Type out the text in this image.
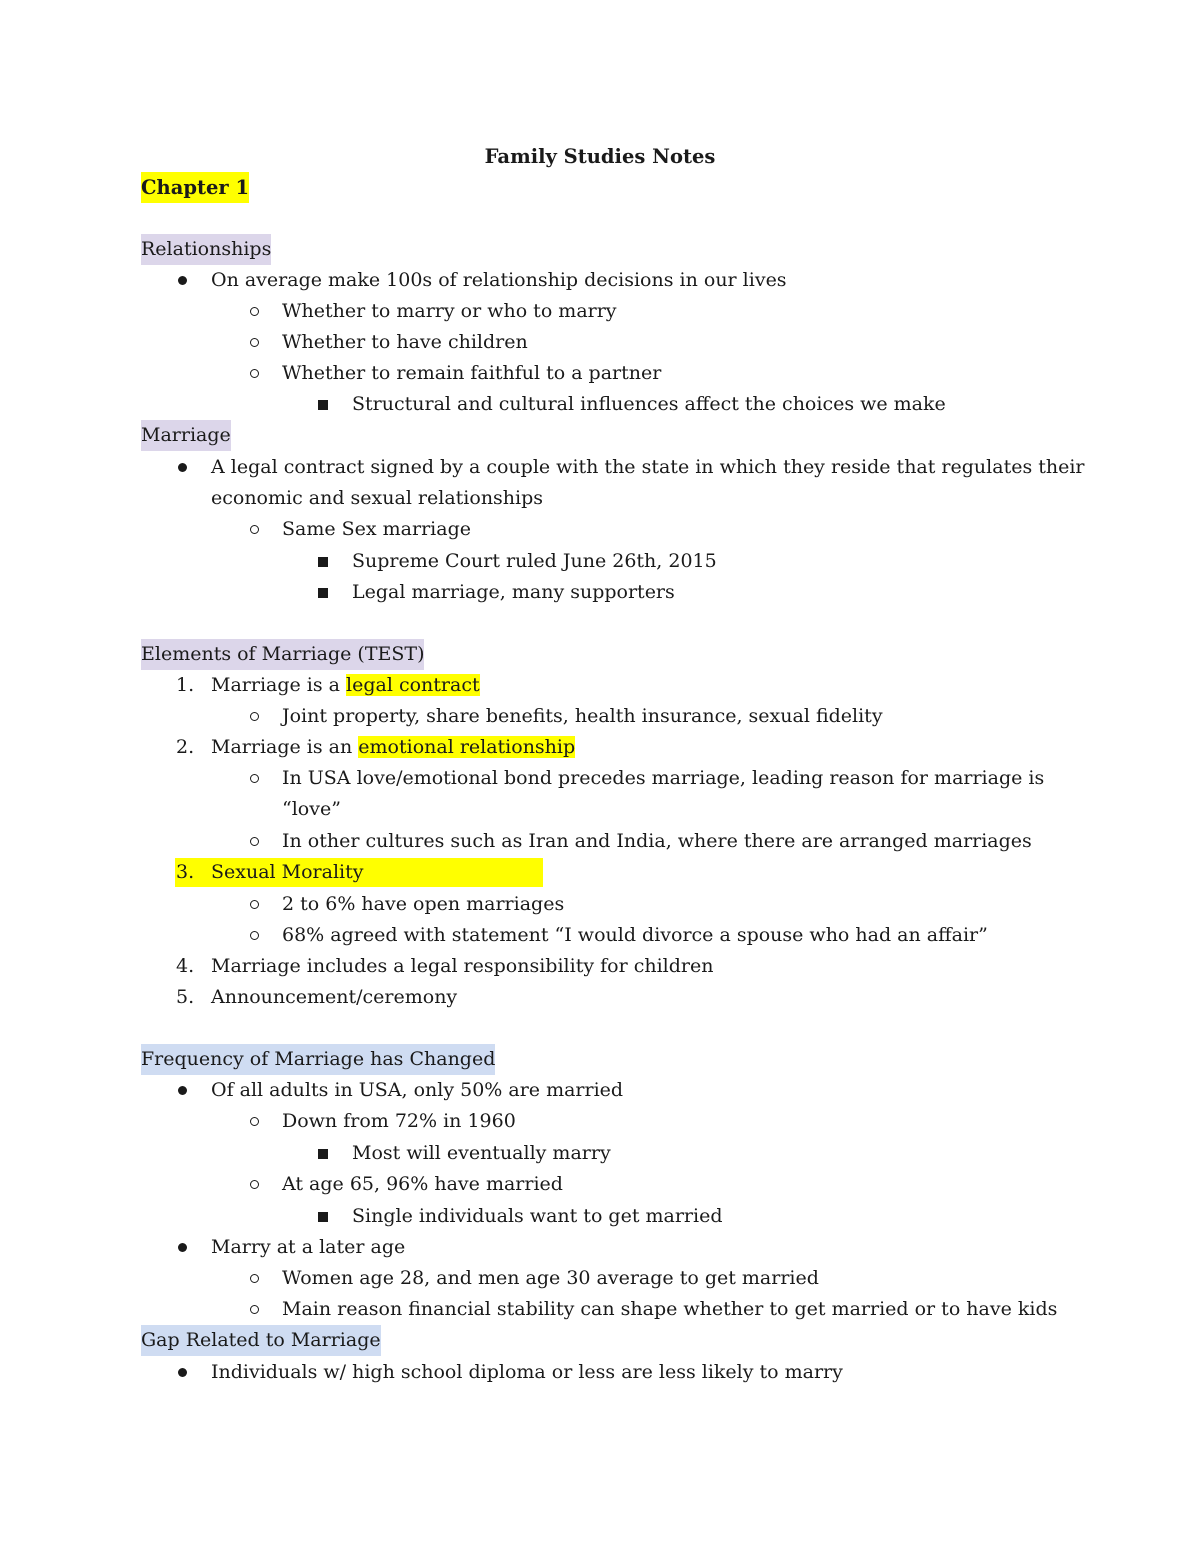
Family Studies Notes
Chapter 1
Relationships
On average make 100s of relationship decisions in our lives
Whether to marry or who to marry
Whether to have children
Whether to remain faithful to a partner
Structural and cultural influences affect the choices we make
Marriage
A legal contract signed by a couple with the state in which they reside that regulates their
economic and sexual relationships
Same Sex marriage
Supreme Court ruled June 26th, 2015
Legal marriage, many supporters
Elements of Marriage (TEST)
1. Marriage is a legal contract
Joint property, share benefits, health insurance, sexual fidelity
2. Marriage is an emotional relationship
In USA love/emotional bond precedes marriage, leading reason for marriage is
“love”
In other cultures such as Iran and India, where there are arranged marriages
3. Sexual Morality
2 to 6% have open marriages
68% agreed with statement “I would divorce a spouse who had an affair”
4. Marriage includes a legal responsibility for children
5. Announcement/ceremony
Frequency of Marriage has Changed
Of all adults in USA, only 50% are married
Down from 72% in 1960
Most will eventually marry
At age 65, 96% have married
Single individuals want to get married
Marry at a later age
Women age 28, and men age 30 average to get married
Main reason financial stability can shape whether to get married or to have kids
Gap Related to Marriage
Individuals w/ high school diploma or less are less likely to marry
